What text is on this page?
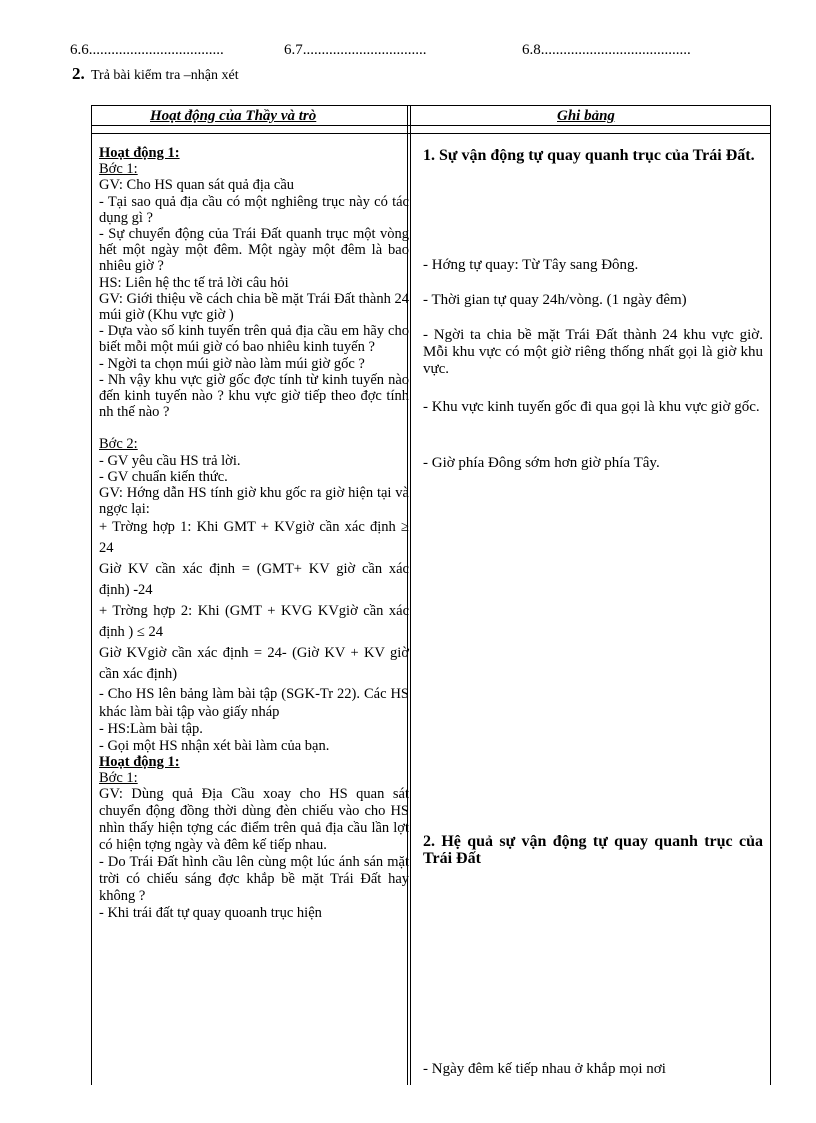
6.6....................................	6.7.................................	6.8........................................
2. Trả bài kiểm tra –nhận xét
Hoạt động của Thầy và trò	Ghi bảng

Hoạt động 1:

Bớc 1:

GV: Cho HS quan sát quả địa cầu

- Tại sao quả địa cầu có một nghiêng trục này có tác dụng gì ?

- Sự chuyển động của Trái Đất quanh trục một vòng hết một ngày một đêm. Một ngày một đêm là bao nhiêu giờ ?

HS: Liên hệ thc tế trả lời câu hỏi

GV: Giới thiệu về cách chia bề mặt Trái Đất thành 24 múi giờ (Khu vực giờ )

- Dựa vào số kinh tuyến trên quả địa cầu em hãy cho biết mỗi một múi giờ có bao nhiêu kinh tuyến ?

- Ngời ta chọn múi giờ nào làm múi giờ gốc ?

- Nh vậy khu vực giờ gốc đợc tính từ kinh tuyến nào đến kinh tuyến nào ? khu vực giờ tiếp theo đợc tính nh thế nào ?

Bớc 2:

- GV yêu cầu HS trả lời.

- GV chuẩn kiến thức.

GV: Hớng dẫn HS tính giờ khu gốc ra giờ hiện tại và ngợc lại:

+ Trờng hợp 1: Khi GMT + KVgiờ cần xác định ≥ 24

Giờ KV cần xác định = (GMT+ KV giờ cần xác định) -24

+ Trờng hợp 2: Khi (GMT + KVG KVgiờ cần xác định ) ≤ 24

Giờ KVgiờ cần xác định = 24- (Giờ KV + KV giờ cần xác định)

- Cho HS lên bảng làm bài tập (SGK-Tr 22). Các HS khác làm bài tập vào giấy nháp

- HS:Làm bài tập.

- Gọi một HS nhận xét bài làm của bạn.

Hoạt động 1:

Bớc 1:

GV: Dùng quả Địa Cầu xoay cho HS quan sát chuyển động đồng thời dùng đèn chiếu vào cho HS nhìn thấy hiện tợng các điểm trên quả địa cầu lần lợt có hiện tợng ngày và đêm kế tiếp nhau.

- Do Trái Đất hình cầu lên cùng một lúc ánh sán mặt trời có chiếu sáng đợc khắp bề mặt Trái Đất hay không ?

- Khi trái đất tự quay quoanh trục hiện

1. Sự vận động tự quay quanh trục của Trái Đất.

- Hớng tự quay: Từ Tây sang Đông.

- Thời gian tự quay 24h/vòng. (1 ngày đêm)

- Ngời ta chia bề mặt Trái Đất thành 24 khu vực giờ. Mỗi khu vực có một giờ riêng thống nhất gọi là giờ khu vực.

- Khu vực kinh tuyến gốc đi qua gọi là khu vực giờ gốc.

- Giờ phía Đông sớm hơn giờ phía Tây.

2. Hệ quả sự vận động tự quay quanh trục của Trái Đất

- Ngày đêm kế tiếp nhau ở khắp mọi nơi
